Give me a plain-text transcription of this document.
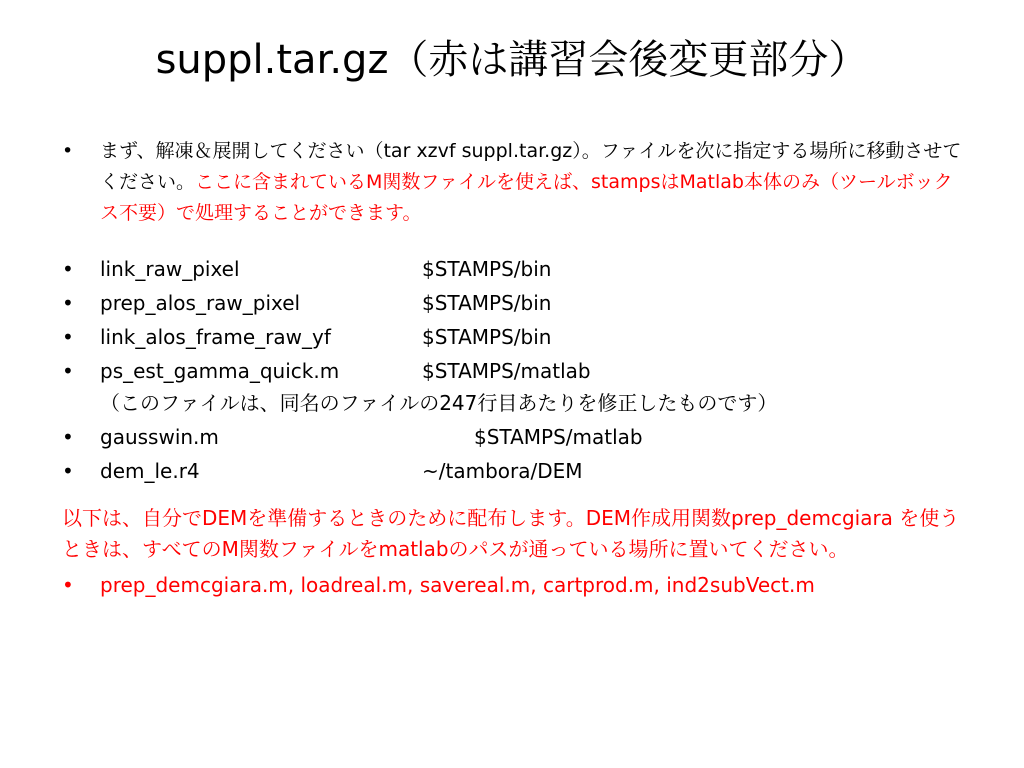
suppl.tar.gz（赤は講習会後変更部分）
•	まず、解凍＆展開してください（tar xzvf suppl.tar.gz）。ファイルを次に指定する場所に移動させてください。ここに含まれているM関数ファイルを使えば、stampsはMatlab本体のみ（ツールボックス不要）で処理することができます。
•	link_raw_pixel	$STAMPS/bin
•	prep_alos_raw_pixel	$STAMPS/bin
•	link_alos_frame_raw_yf	$STAMPS/bin
•	ps_est_gamma_quick.m	$STAMPS/matlab
（このファイルは、同名のファイルの247行目あたりを修正したものです）
•	gausswin.m	$STAMPS/matlab
•	dem_le.r4	~/tambora/DEM
以下は、自分でDEMを準備するときのために配布します。DEM作成用関数prep_demcgiara を使うときは、すべてのM関数ファイルをmatlabのパスが通っている場所に置いてください。
•	prep_demcgiara.m, loadreal.m, savereal.m, cartprod.m, ind2subVect.m
